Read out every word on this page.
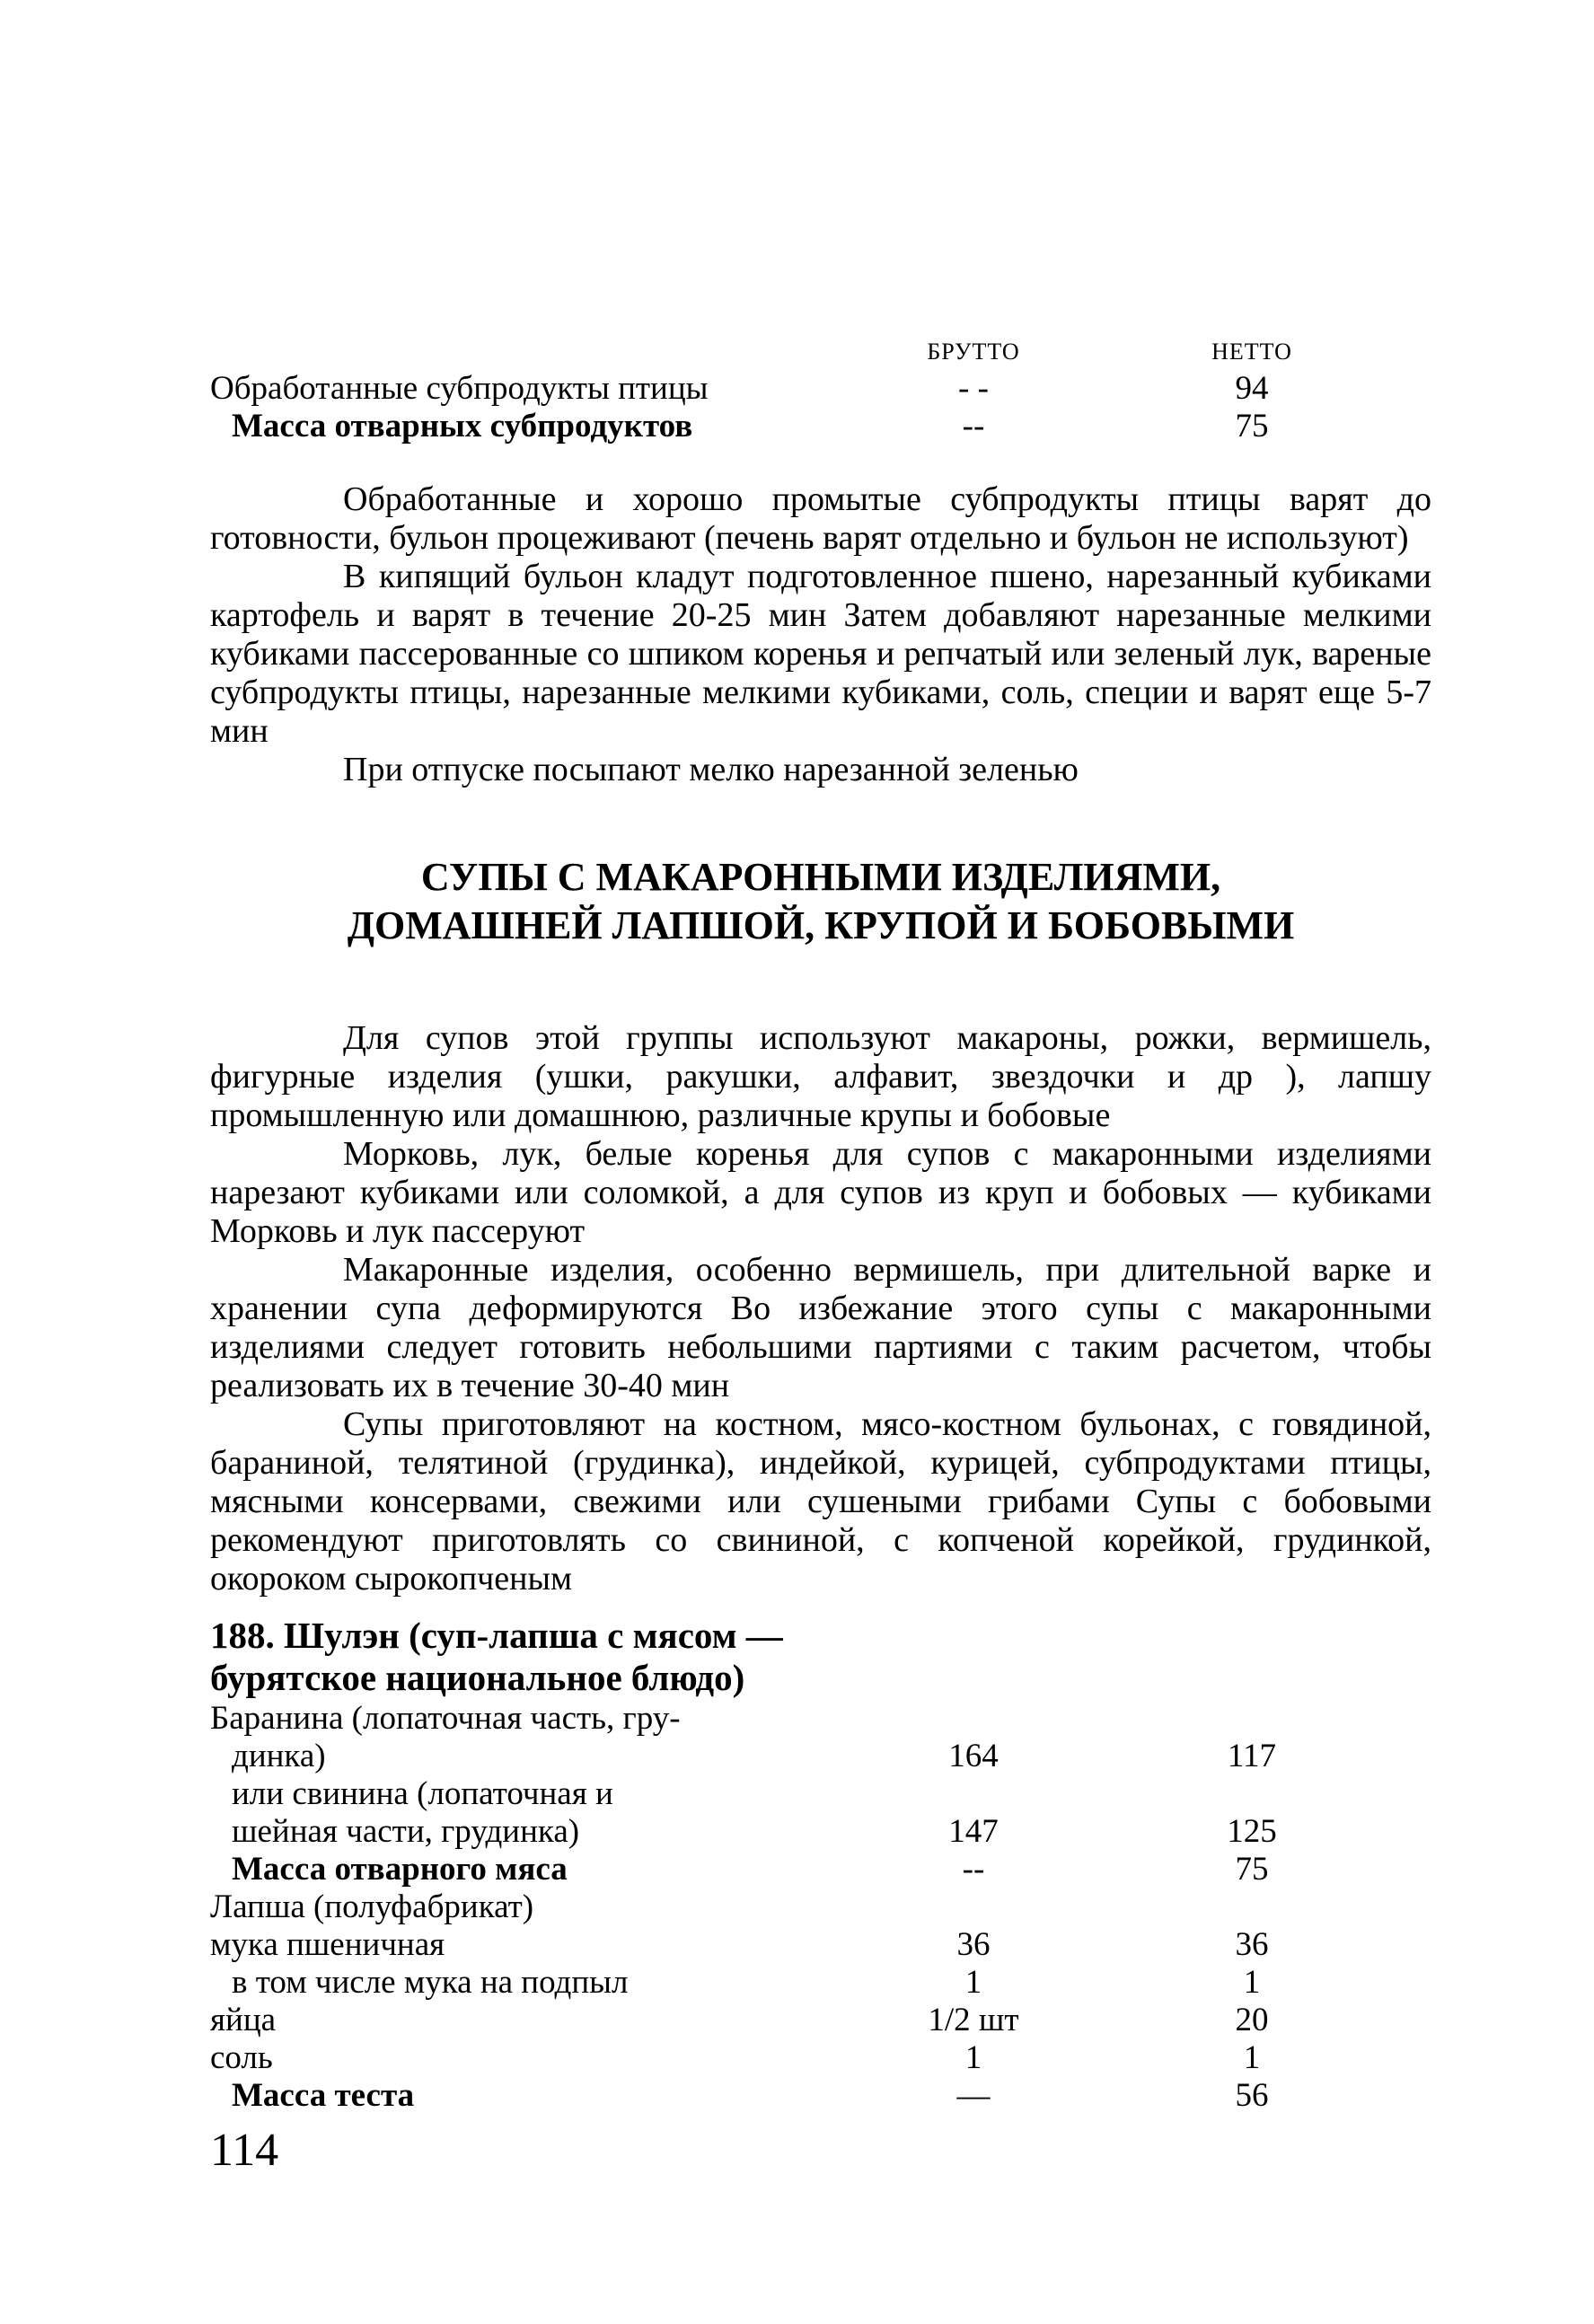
БРУТТО	НЕТТО
Обработанные субпродукты птицы	- -	94
Масса отварных субпродуктов	--	75

Обработанные и хорошо промытые субпродукты птицы варят до готовности, бульон процеживают (печень варят отдельно и бульон не используют)

В кипящий бульон кладут подготовленное пшено, нарезанный кубиками картофель и варят в течение 20-25 мин Затем добавляют нарезанные мелкими кубиками пассерованные со шпиком коренья и репчатый или зеленый лук, вареные субпродукты птицы, нарезанные мелкими кубиками, соль, специи и варят еще 5-7 мин

При отпуске посыпают мелко нарезанной зеленью

СУПЫ С МАКАРОННЫМИ ИЗДЕЛИЯМИ,
ДОМАШНЕЙ ЛАПШОЙ, КРУПОЙ И БОБОВЫМИ

Для супов этой группы используют макароны, рожки, вермишель, фигурные изделия (ушки, ракушки, алфавит, звездочки и др ), лапшу промышленную или домашнюю, различные крупы и бобовые

Морковь, лук, белые коренья для супов с макаронными изделиями нарезают кубиками или соломкой, а для супов из круп и бобовых — кубиками Морковь и лук пассеруют

Макаронные изделия, особенно вермишель, при длительной варке и хранении супа деформируются Во избежание этого супы с макаронными изделиями следует готовить небольшими партиями с таким расчетом, чтобы реализовать их в течение 30-40 мин

Супы приготовляют на костном, мясо-костном бульонах, с говядиной, бараниной, телятиной (грудинка), индейкой, курицей, субпродуктами птицы, мясными консервами, свежими или сушеными грибами Супы с бобовыми рекомендуют приготовлять со свининой, с копченой корейкой, грудинкой, окороком сырокопченым

188. Шулэн (суп-лапша с мясом —
бурятское национальное блюдо)
Баранина (лопаточная часть, гру-
динка)	164	117
или свинина (лопаточная и
шейная части, грудинка)	147	125
Масса отварного мяса	--	75
Лапша (полуфабрикат)
мука пшеничная	36	36
в том числе мука на подпыл	1	1
яйца	1/2 шт	20
соль	1	1
Масса теста	—	56
114
